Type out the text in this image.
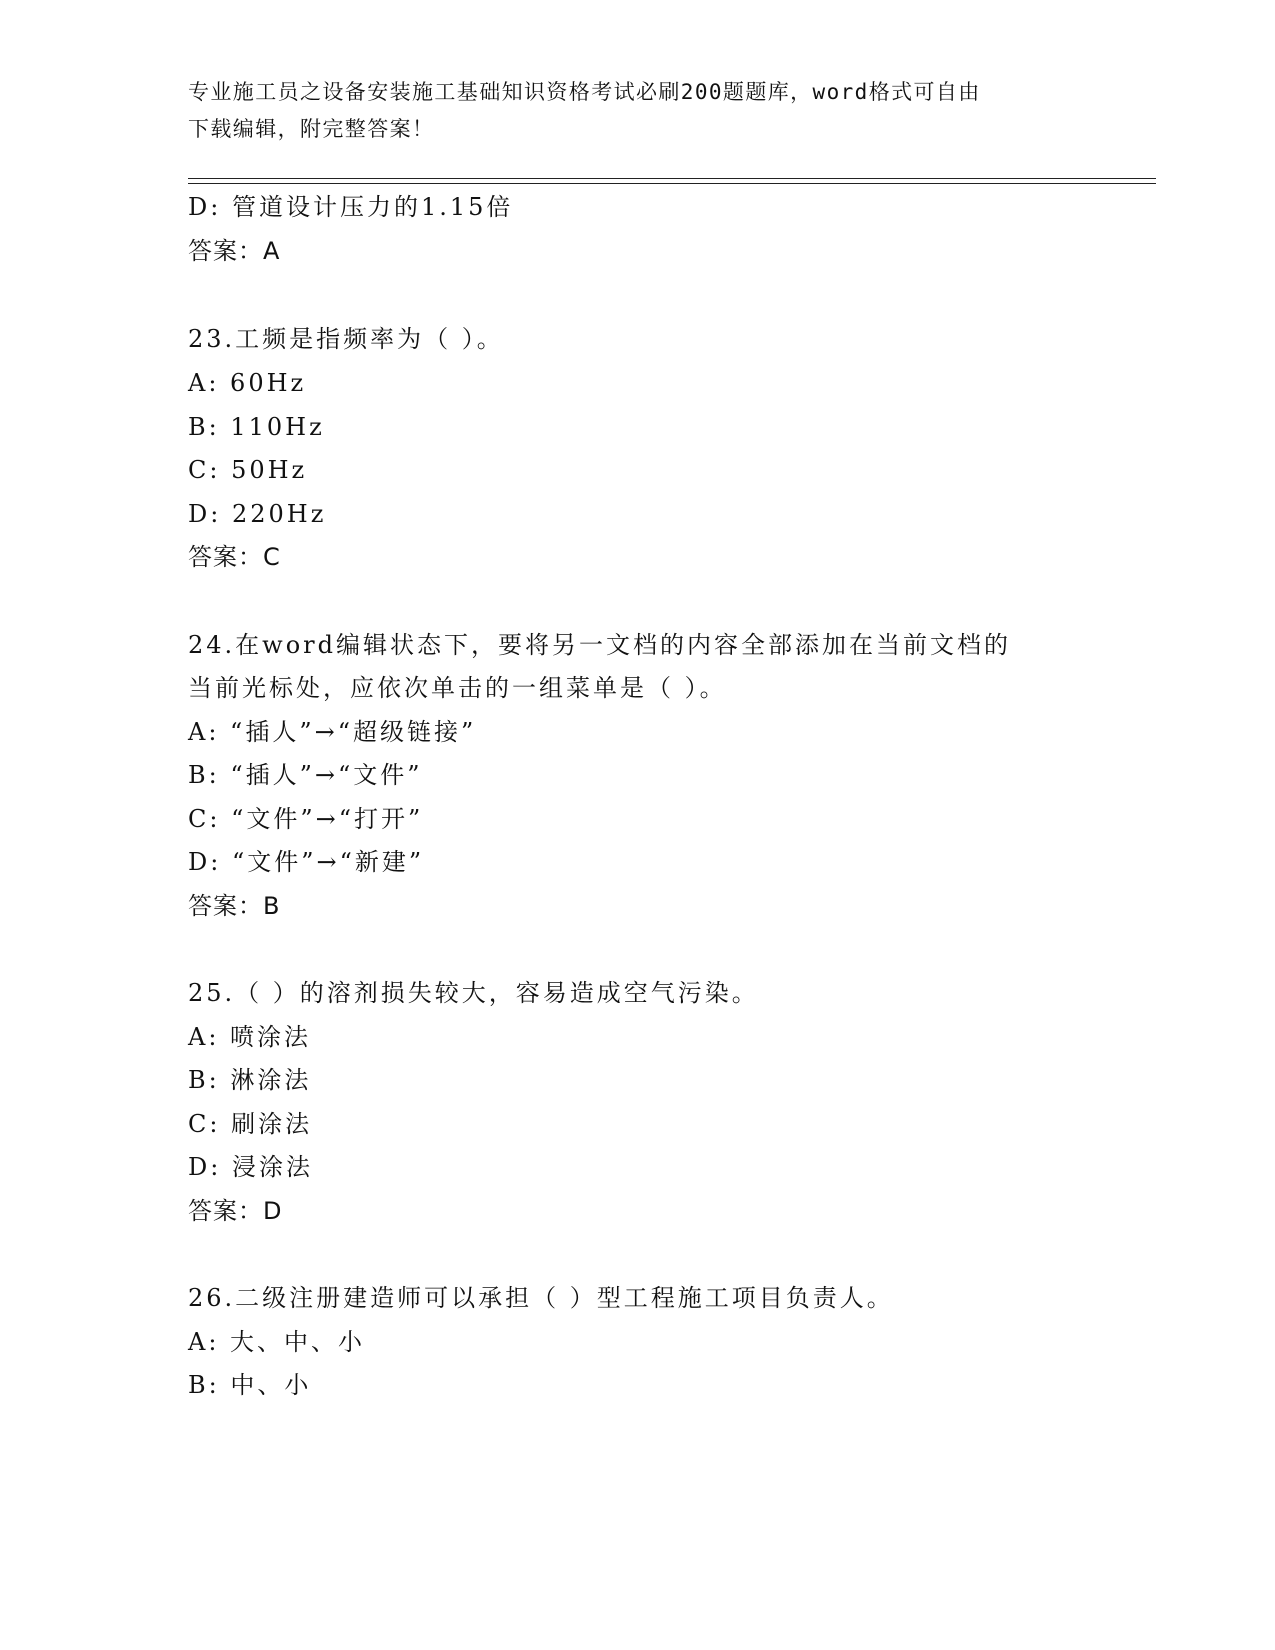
专业施工员之设备安装施工基础知识资格考试必刷200题题库，word格式可自由
下载编辑，附完整答案！
D: 管道设计压力的1.15倍
答案：A
23.工频是指频率为（ ）。
A: 60Hz
B: 110Hz
C: 50Hz
D: 220Hz
答案：C
24.在word编辑状态下，要将另一文档的内容全部添加在当前文档的
当前光标处，应依次单击的一组菜单是（ ）。
A: “插人”→“超级链接”
B: “插人”→“文件”
C: “文件”→“打开”
D: “文件”→“新建”
答案：B
25.（ ）的溶剂损失较大，容易造成空气污染。
A: 喷涂法
B: 淋涂法
C: 刷涂法
D: 浸涂法
答案：D
26.二级注册建造师可以承担（ ）型工程施工项目负责人。
A: 大、中、小
B: 中、小
